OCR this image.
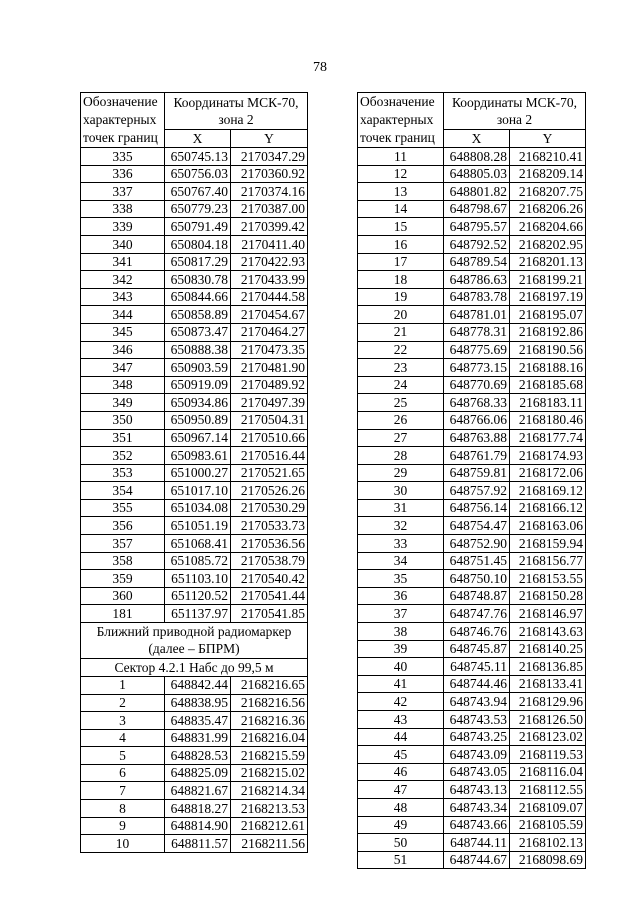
78
Обозначение характерных точек границ	Координаты МСК-70, зона 2	
	X	Y
335	650745.13	2170347.29
336	650756.03	2170360.92
337	650767.40	2170374.16
338	650779.23	2170387.00
339	650791.49	2170399.42
340	650804.18	2170411.40
341	650817.29	2170422.93
342	650830.78	2170433.99
343	650844.66	2170444.58
344	650858.89	2170454.67
345	650873.47	2170464.27
346	650888.38	2170473.35
347	650903.59	2170481.90
348	650919.09	2170489.92
349	650934.86	2170497.39
350	650950.89	2170504.31
351	650967.14	2170510.66
352	650983.61	2170516.44
353	651000.27	2170521.65
354	651017.10	2170526.26
355	651034.08	2170530.29
356	651051.19	2170533.73
357	651068.41	2170536.56
358	651085.72	2170538.79
359	651103.10	2170540.42
360	651120.52	2170541.44
181	651137.97	2170541.85
Ближний приводной радиомаркер (далее – БПРМ)		
Сектор 4.2.1 Набс до 99,5 м		
1	648842.44	2168216.65
2	648838.95	2168216.56
3	648835.47	2168216.36
4	648831.99	2168216.04
5	648828.53	2168215.59
6	648825.09	2168215.02
7	648821.67	2168214.34
8	648818.27	2168213.53
9	648814.90	2168212.61
10	648811.57	2168211.56
Обозначение характерных точек границ	Координаты МСК-70, зона 2	
	X	Y
11	648808.28	2168210.41
12	648805.03	2168209.14
13	648801.82	2168207.75
14	648798.67	2168206.26
15	648795.57	2168204.66
16	648792.52	2168202.95
17	648789.54	2168201.13
18	648786.63	2168199.21
19	648783.78	2168197.19
20	648781.01	2168195.07
21	648778.31	2168192.86
22	648775.69	2168190.56
23	648773.15	2168188.16
24	648770.69	2168185.68
25	648768.33	2168183.11
26	648766.06	2168180.46
27	648763.88	2168177.74
28	648761.79	2168174.93
29	648759.81	2168172.06
30	648757.92	2168169.12
31	648756.14	2168166.12
32	648754.47	2168163.06
33	648752.90	2168159.94
34	648751.45	2168156.77
35	648750.10	2168153.55
36	648748.87	2168150.28
37	648747.76	2168146.97
38	648746.76	2168143.63
39	648745.87	2168140.25
40	648745.11	2168136.85
41	648744.46	2168133.41
42	648743.94	2168129.96
43	648743.53	2168126.50
44	648743.25	2168123.02
45	648743.09	2168119.53
46	648743.05	2168116.04
47	648743.13	2168112.55
48	648743.34	2168109.07
49	648743.66	2168105.59
50	648744.11	2168102.13
51	648744.67	2168098.69
